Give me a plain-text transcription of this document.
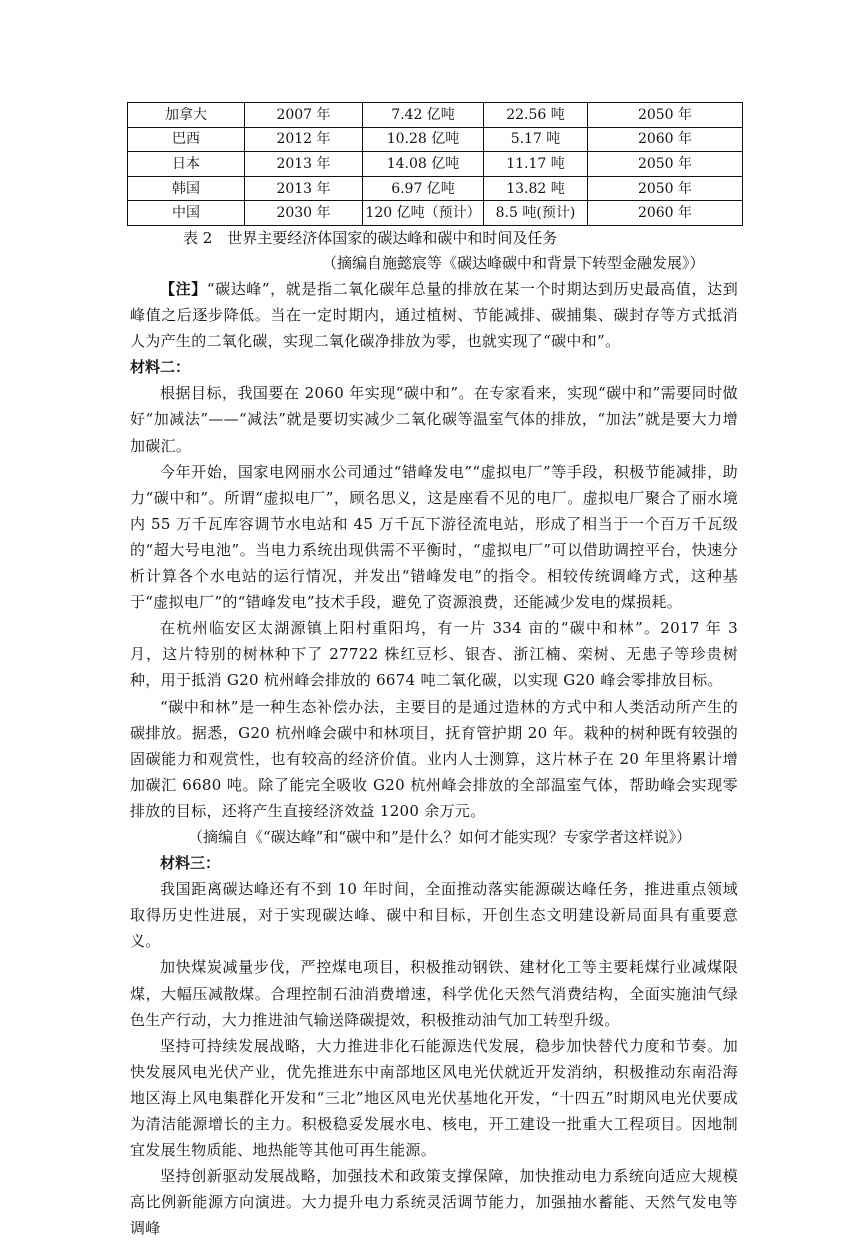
加拿大	2007 年	7.42 亿吨	22.56 吨	2050 年
巴西	2012 年	10.28 亿吨	5.17 吨	2060 年
日本	2013 年	14.08 亿吨	11.17 吨	2050 年
韩国	2013 年	6.97 亿吨	13.82 吨	2050 年
中国	2030 年	120 亿吨（预计）	8.5 吨(预计)	2060 年
表 2　世界主要经济体国家的碳达峰和碳中和时间及任务
（摘编自施懿宸等《碳达峰碳中和背景下转型金融发展》）

【注】“碳达峰”，就是指二氧化碳年总量的排放在某一个时期达到历史最高值，达到峰值之后逐步降低。当在一定时期内，通过植树、节能减排、碳捕集、碳封存等方式抵消人为产生的二氧化碳，实现二氧化碳净排放为零，也就实现了“碳中和”。

材料二：

根据目标，我国要在 2060 年实现“碳中和”。在专家看来，实现“碳中和”需要同时做好“加减法”——“减法”就是要切实减少二氧化碳等温室气体的排放，“加法”就是要大力增加碳汇。

今年开始，国家电网丽水公司通过“错峰发电”“虚拟电厂”等手段，积极节能减排，助力“碳中和”。所谓“虚拟电厂”，顾名思义，这是座看不见的电厂。虚拟电厂聚合了丽水境内 55 万千瓦库容调节水电站和 45 万千瓦下游径流电站，形成了相当于一个百万千瓦级的“超大号电池”。当电力系统出现供需不平衡时，“虚拟电厂”可以借助调控平台，快速分析计算各个水电站的运行情况，并发出“错峰发电”的指令。相较传统调峰方式，这种基于“虚拟电厂”的“错峰发电”技术手段，避免了资源浪费，还能减少发电的煤损耗。

在杭州临安区太湖源镇上阳村重阳坞，有一片 334 亩的“碳中和林”。2017 年 3 月，这片特别的树林种下了 27722 株红豆杉、银杏、浙江楠、栾树、无患子等珍贵树种，用于抵消 G20 杭州峰会排放的 6674 吨二氧化碳，以实现 G20 峰会零排放目标。

“碳中和林”是一种生态补偿办法，主要目的是通过造林的方式中和人类活动所产生的碳排放。据悉，G20 杭州峰会碳中和林项目，抚育管护期 20 年。栽种的树种既有较强的固碳能力和观赏性，也有较高的经济价值。业内人士测算，这片林子在 20 年里将累计增加碳汇 6680 吨。除了能完全吸收 G20 杭州峰会排放的全部温室气体，帮助峰会实现零排放的目标，还将产生直接经济效益 1200 余万元。

（摘编自《“碳达峰”和“碳中和”是什么？如何才能实现？专家学者这样说》）

材料三：

我国距离碳达峰还有不到 10 年时间，全面推动落实能源碳达峰任务，推进重点领域取得历史性进展，对于实现碳达峰、碳中和目标，开创生态文明建设新局面具有重要意义。

加快煤炭减量步伐，严控煤电项目，积极推动钢铁、建材化工等主要耗煤行业减煤限煤，大幅压减散煤。合理控制石油消费增速，科学优化天然气消费结构，全面实施油气绿色生产行动，大力推进油气输送降碳提效，积极推动油气加工转型升级。

坚持可持续发展战略，大力推进非化石能源迭代发展，稳步加快替代力度和节奏。加快发展风电光伏产业，优先推进东中南部地区风电光伏就近开发消纳，积极推动东南沿海地区海上风电集群化开发和“三北”地区风电光伏基地化开发，“十四五”时期风电光伏要成为清洁能源增长的主力。积极稳妥发展水电、核电，开工建设一批重大工程项目。因地制宜发展生物质能、地热能等其他可再生能源。

坚持创新驱动发展战略，加强技术和政策支撑保障，加快推动电力系统向适应大规模高比例新能源方向演进。大力提升电力系统灵活调节能力，加强抽水蓄能、天然气发电等调峰
